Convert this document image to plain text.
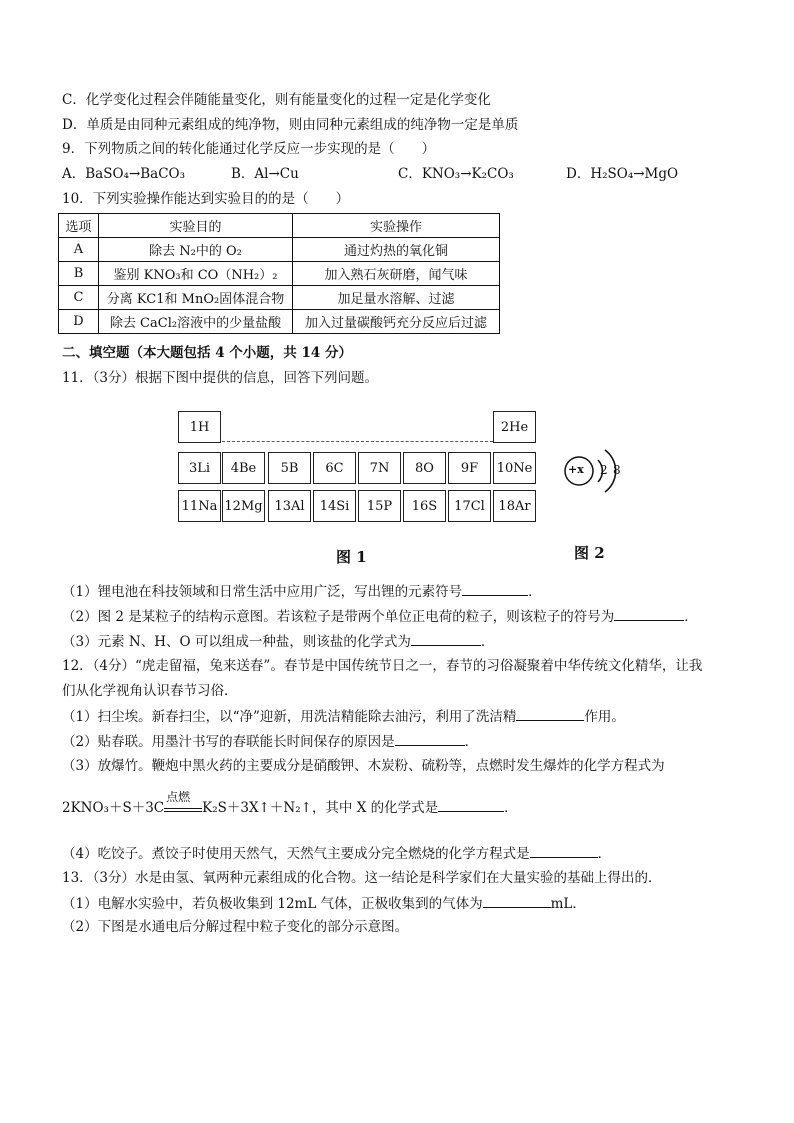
C．化学变化过程会伴随能量变化，则有能量变化的过程一定是化学变化
D．单质是由同种元素组成的纯净物，则由同种元素组成的纯净物一定是单质
9．下列物质之间的转化能通过化学反应一步实现的是（　　）
A．BaSO₄→BaCO₃	B．Al→Cu	C．KNO₃→K₂CO₃	D．H₂SO₄→MgO
10．下列实验操作能达到实验目的的是（　　）
选项	实验目的	实验操作
A	除去 N₂中的 O₂	通过灼热的氧化铜
B	鉴别 KNO₃和 CO（NH₂）₂	加入熟石灰研磨，闻气味
C	分离 KC1和 MnO₂固体混合物	加足量水溶解、过滤
D	除去 CaCl₂溶液中的少量盐酸	加入过量碳酸钙充分反应后过滤
二、填空题（本大题包括 4 个小题，共 14 分）
11．（3分）根据下图中提供的信息，回答下列问题。
1H	2He
3Li	4Be	5B	6C	7N	8O	9F	10Ne
11Na 12Mg 13Al	14Si	15P	16S	17Cl	18Ar
图 1
+x 2 8
图 2
（1）锂电池在科技领域和日常生活中应用广泛，写出锂的元素符号	．
（2）图 2 是某粒子的结构示意图。若该粒子是带两个单位正电荷的粒子，则该粒子的符号为	．
（3）元素 N、H、O 可以组成一种盐，则该盐的化学式为	．
12．（4分）“虎走留福，兔来送春”。春节是中国传统节日之一，春节的习俗凝聚着中华传统文化精华，让我
们从化学视角认识春节习俗．
（1）扫尘埃。新春扫尘，以“净”迎新，用洗洁精能除去油污，利用了洗洁精	作用。
（2）贴春联。用墨汁书写的春联能长时间保存的原因是	．
（3）放爆竹。鞭炮中黑火药的主要成分是硝酸钾、木炭粉、硫粉等，点燃时发生爆炸的化学方程式为
2KNO₃＋S＋3C
点燃
K₂S＋3X↑＋N₂↑，其中 X 的化学式是	．
（4）吃饺子。煮饺子时使用天然气，天然气主要成分完全燃烧的化学方程式是	．
13．（3分）水是由氢、氧两种元素组成的化合物。这一结论是科学家们在大量实验的基础上得出的．
（1）电解水实验中，若负极收集到 12mL 气体，正极收集到的气体为	mL．
（2）下图是水通电后分解过程中粒子变化的部分示意图。
